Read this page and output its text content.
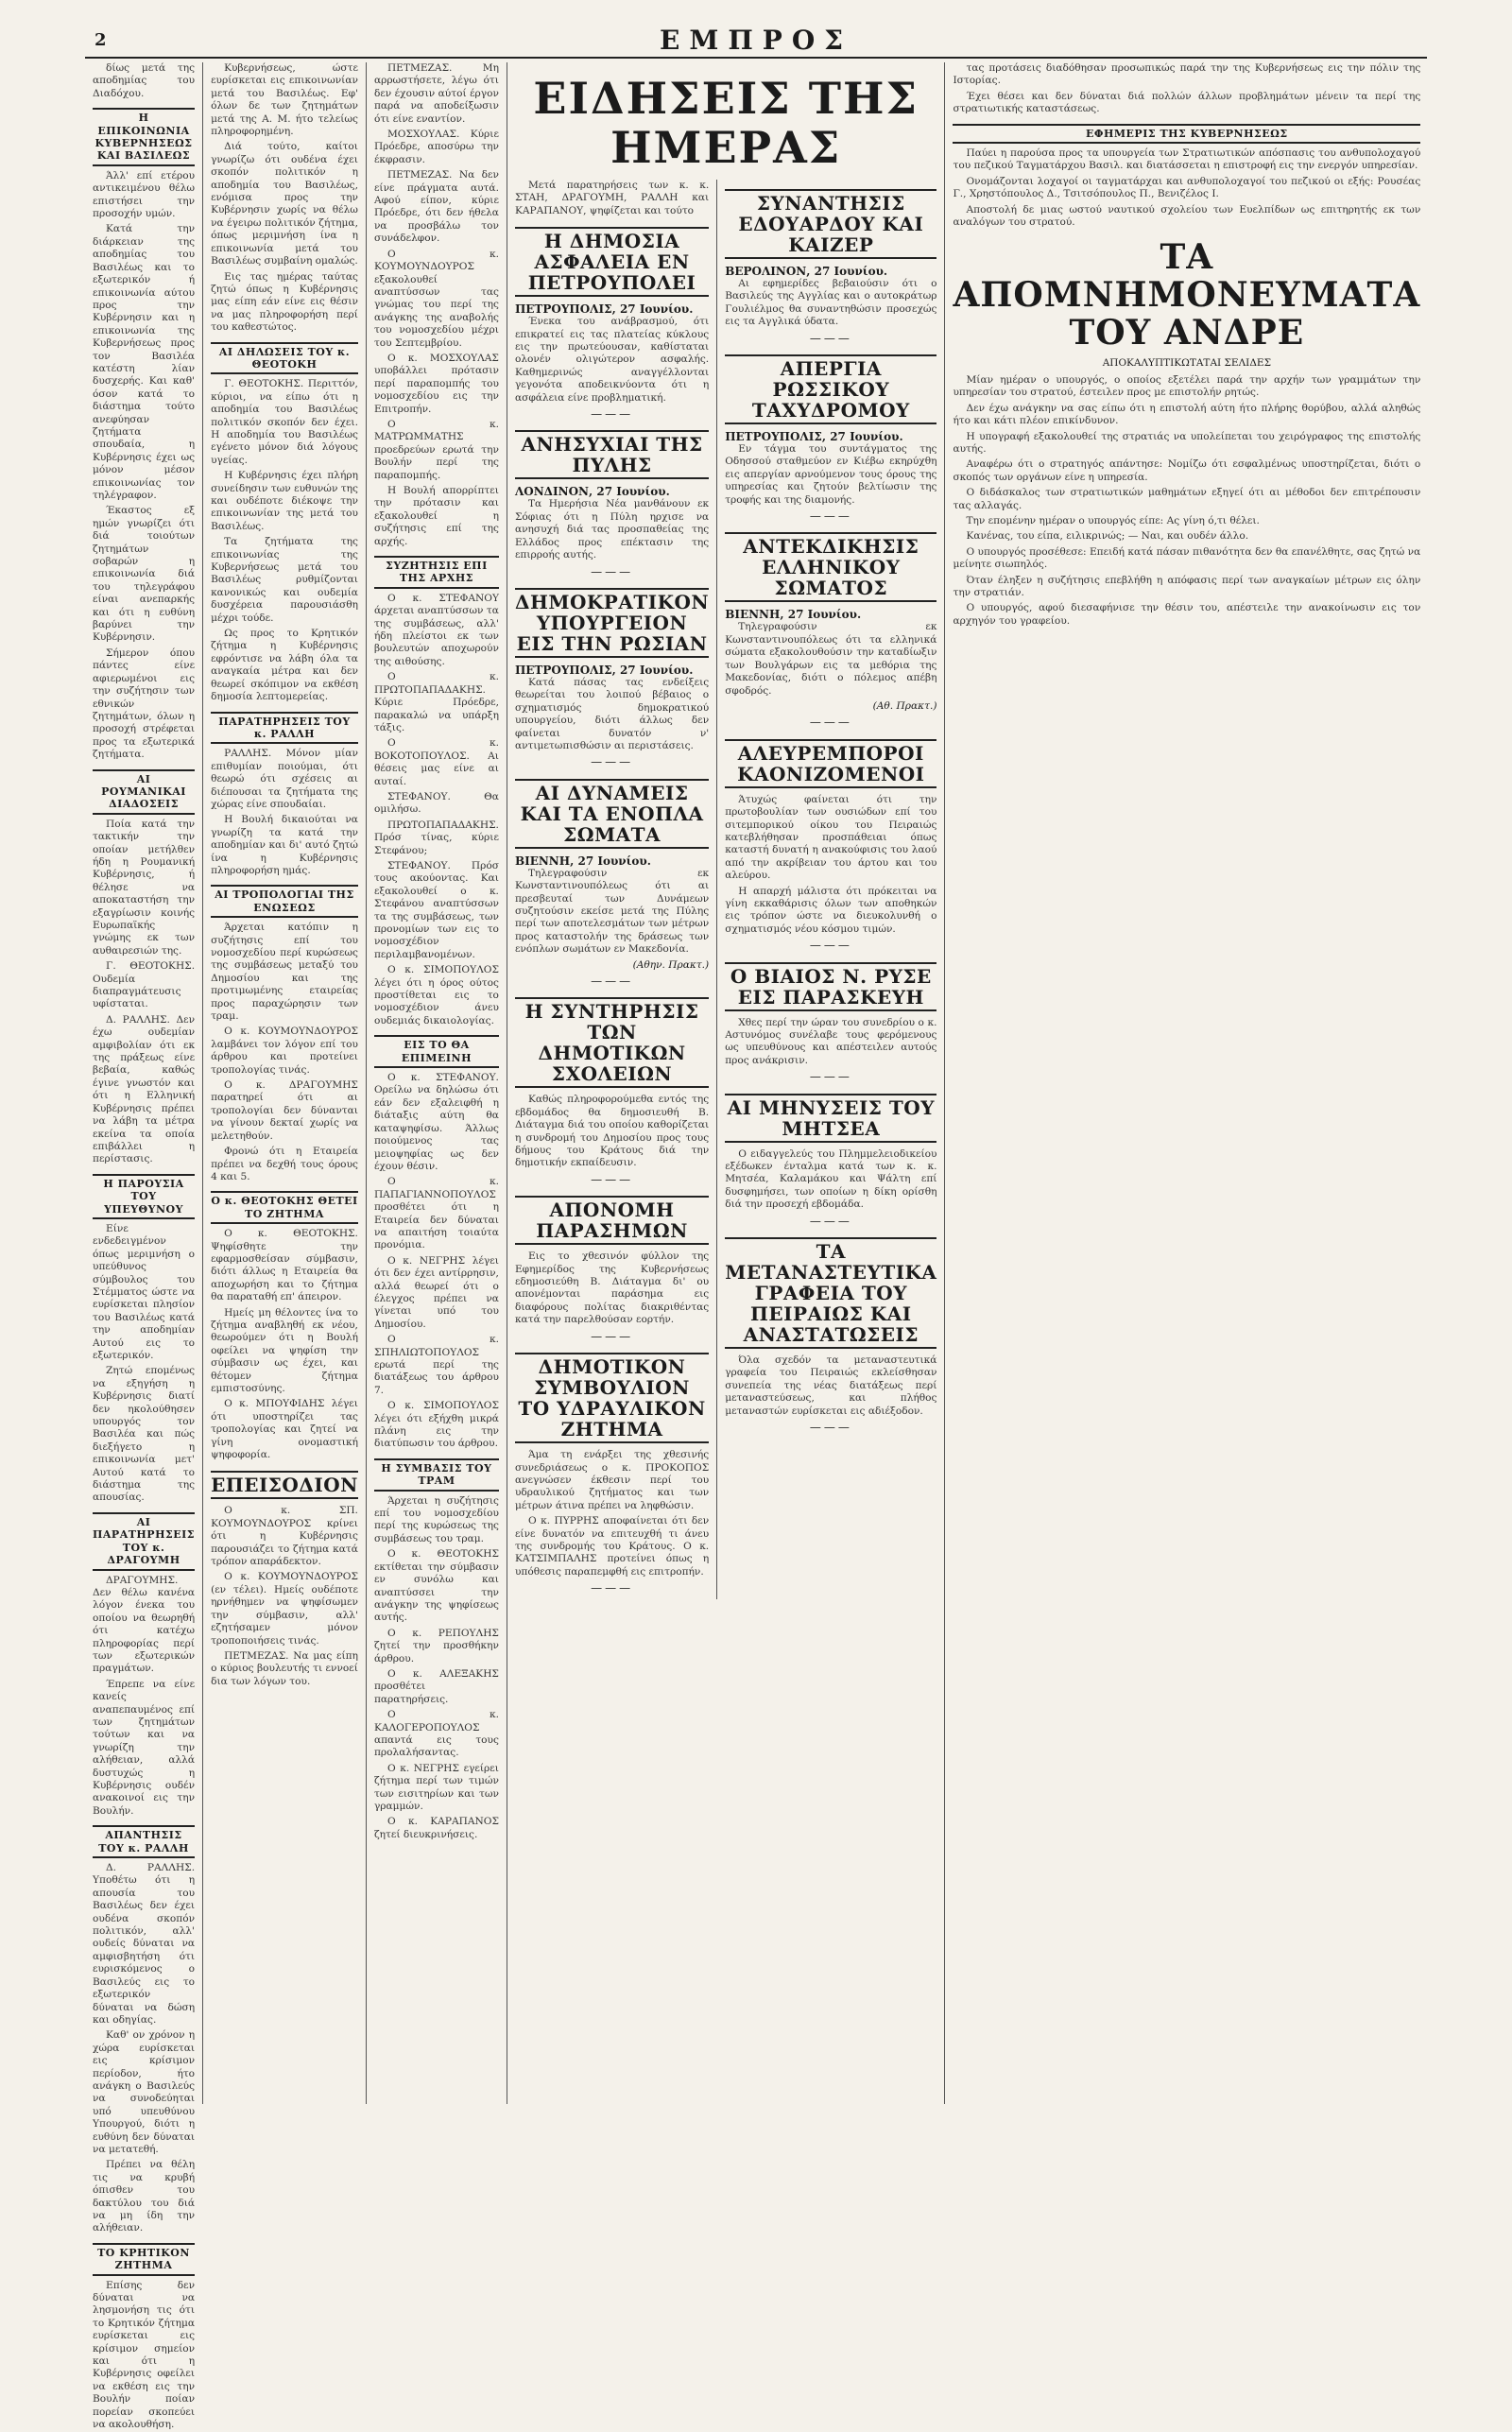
2	ΕΜΠΡΟΣ

δίως μετά της αποδημίας του Διαδόχου.

Η ΕΠΙΚΟΙΝΩΝΙΑ ΚΥΒΕΡΝΗΣΕΩΣ ΚΑΙ ΒΑΣΙΛΕΩΣ

Άλλ' επί ετέρου αντικειμένου θέλω επιστήσει την προσοχήν υμών.

Κατά την διάρκειαν της αποδημίας του Βασιλέως και το εξωτερικόν ή επικοινωνία αύτου προς την Κυβέρνησιν και η επικοινωνία της Κυβερνήσεως προς τον Βασιλέα κατέστη λίαν δυσχερής. Και καθ' όσον κατά το διάστημα τούτο ανεφύησαν ζητήματα σπουδαία, η Κυβέρνησις έχει ως μόνον μέσον επικοινωνίας τον τηλέγραφον.

Έκαστος εξ ημών γνωρίζει ότι διά τοιούτων ζητημάτων σοβαρών η επικοινωνία διά του τηλεγράφου είναι ανεπαρκής και ότι η ευθύνη βαρύνει την Κυβέρνησιν.

Σήμερον όπου πάντες είνε αφιερωμένοι εις την συζήτησιν των εθνικών ζητημάτων, όλων η προσοχή στρέφεται προς τα εξωτερικά ζητήματα.

ΑΙ ΡΟΥΜΑΝΙΚΑΙ ΔΙΑΔΟΣΕΙΣ

Ποία κατά την τακτικήν την οποίαν μετήλθεν ήδη η Ρουμανική Κυβέρνησις, ή θέλησε να αποκαταστήση την εξαγρίωσιν κοινής Ευρωπαϊκής γνώμης εκ των αυθαιρεσιών της.

Γ. ΘΕΟΤΟΚΗΣ. Ουδεμία διαπραγμάτευσις υφίσταται.

Δ. ΡΑΛΛΗΣ. Δεν έχω ουδεμίαν αμφιβολίαν ότι εκ της πράξεως είνε βεβαία, καθώς έγινε γνωστόν και ότι η Ελληνική Κυβέρνησις πρέπει να λάβη τα μέτρα εκείνα τα οποία επιβάλλει η περίστασις.

Η ΠΑΡΟΥΣΙΑ ΤΟΥ ΥΠΕΥΘΥΝΟΥ

Είνε ενδεδειγμένον όπως μεριμνήση ο υπεύθυνος σύμβουλος του Στέμματος ώστε να ευρίσκεται πλησίον του Βασιλέως κατά την αποδημίαν Αυτού εις το εξωτερικόν.

Ζητώ επομένως να εξηγήση η Κυβέρνησις διατί δεν ηκολούθησεν υπουργός τον Βασιλέα και πώς διεξήγετο η επικοινωνία μετ' Αυτού κατά το διάστημα της απουσίας.

ΑΙ ΠΑΡΑΤΗΡΗΣΕΙΣ ΤΟΥ κ. ΔΡΑΓΟΥΜΗ

ΔΡΑΓΟΥΜΗΣ. Δεν θέλω κανένα λόγον ένεκα του οποίου να θεωρηθή ότι κατέχω πληροφορίας περί των εξωτερικών πραγμάτων.

Έπρεπε να είνε κανείς αναπεπαυμένος επί των ζητημάτων τούτων και να γνωρίζη την αλήθειαν, αλλά δυστυχώς η Κυβέρνησις ουδέν ανακοινοί εις την Βουλήν.

ΑΠΑΝΤΗΣΙΣ ΤΟΥ κ. ΡΑΛΛΗ

Δ. ΡΑΛΛΗΣ. Υποθέτω ότι η απουσία του Βασιλέως δεν έχει ουδένα σκοπόν πολιτικόν, αλλ' ουδείς δύναται να αμφισβητήση ότι ευρισκόμενος ο Βασιλεύς εις το εξωτερικόν δύναται να δώση και οδηγίας.

Καθ' ον χρόνον η χώρα ευρίσκεται εις κρίσιμον περίοδον, ήτο ανάγκη ο Βασιλεύς να συνοδεύηται υπό υπευθύνου Υπουργού, διότι η ευθύνη δεν δύναται να μετατεθή.

Πρέπει να θέλη τις να κρυβή όπισθεν του δακτύλου του διά να μη ίδη την αλήθειαν.

ΤΟ ΚΡΗΤΙΚΟΝ ΖΗΤΗΜΑ

Επίσης δεν δύναται να λησμονήση τις ότι το Κρητικόν ζήτημα ευρίσκεται εις κρίσιμον σημείον και ότι η Κυβέρνησις οφείλει να εκθέση εις την Βουλήν ποίαν πορείαν σκοπεύει να ακολουθήση.

Κυβερνήσεως, ώστε ευρίσκεται εις επικοινωνίαν μετά του Βασιλέως. Εφ' όλων δε των ζητημάτων μετά της Α. Μ. ήτο τελείως πληροφορημένη.

Διά τούτο, καίτοι γνωρίζω ότι ουδένα έχει σκοπόν πολιτικόν η αποδημία του Βασιλέως, ενόμισα προς την Κυβέρνησιν χωρίς να θέλω να έγειρω πολιτικόν ζήτημα, όπως μεριμνήση ίνα η επικοινωνία μετά του Βασιλέως συμβαίνη ομαλώς.

Εις τας ημέρας ταύτας ζητώ όπως η Κυβέρνησις μας είπη εάν είνε εις θέσιν να μας πληροφορήση περί του καθεστώτος.

ΑΙ ΔΗΛΩΣΕΙΣ ΤΟΥ κ. ΘΕΟΤΟΚΗ

Γ. ΘΕΟΤΟΚΗΣ. Περιττόν, κύριοι, να είπω ότι η αποδημία του Βασιλέως πολιτικόν σκοπόν δεν έχει. Η αποδημία του Βασιλέως εγένετο μόνον διά λόγους υγείας.

Η Κυβέρνησις έχει πλήρη συνείδησιν των ευθυνών της και ουδέποτε διέκοψε την επικοινωνίαν της μετά του Βασιλέως.

Τα ζητήματα της επικοινωνίας της Κυβερνήσεως μετά του Βασιλέως ρυθμίζονται κανονικώς και ουδεμία δυσχέρεια παρουσιάσθη μέχρι τούδε.

Ως προς το Κρητικόν ζήτημα η Κυβέρνησις εφρόντισε να λάβη όλα τα αναγκαία μέτρα και δεν θεωρεί σκόπιμον να εκθέση δημοσία λεπτομερείας.

ΠΑΡΑΤΗΡΗΣΕΙΣ ΤΟΥ κ. ΡΑΛΛΗ

ΡΑΛΛΗΣ. Μόνον μίαν επιθυμίαν ποιούμαι, ότι θεωρώ ότι σχέσεις αι διέπουσαι τα ζητήματα της χώρας είνε σπουδαίαι.

Η Βουλή δικαιούται να γνωρίζη τα κατά την αποδημίαν και δι' αυτό ζητώ ίνα η Κυβέρνησις πληροφορήση ημάς.

ΑΙ ΤΡΟΠΟΛΟΓΙΑΙ ΤΗΣ ΕΝΩΣΕΩΣ

Άρχεται κατόπιν η συζήτησις επί του νομοσχεδίου περί κυρώσεως της συμβάσεως μεταξύ του Δημοσίου και της προτιμωμένης εταιρείας προς παραχώρησιν των τραμ.

Ο κ. ΚΟΥΜΟΥΝΔΟΥΡΟΣ λαμβάνει τον λόγον επί του άρθρου και προτείνει τροπολογίας τινάς.

Ο κ. ΔΡΑΓΟΥΜΗΣ παρατηρεί ότι αι τροπολογίαι δεν δύνανται να γίνουν δεκταί χωρίς να μελετηθούν.

Φρονώ ότι η Εταιρεία πρέπει να δεχθή τους όρους 4 και 5.

Ο κ. ΘΕΟΤΟΚΗΣ ΘΕΤΕΙ ΤΟ ΖΗΤΗΜΑ

Ο κ. ΘΕΟΤΟΚΗΣ. Ψηφίσθητε την εφαρμοσθείσαν σύμβασιν, διότι άλλως η Εταιρεία θα αποχωρήση και το ζήτημα θα παραταθή επ' άπειρον.

Ημείς μη θέλοντες ίνα το ζήτημα αναβληθή εκ νέου, θεωρούμεν ότι η Βουλή οφείλει να ψηφίση την σύμβασιν ως έχει, και θέτομεν ζήτημα εμπιστοσύνης.

Ο κ. ΜΠΟΥΦΙΔΗΣ λέγει ότι υποστηρίζει τας τροπολογίας και ζητεί να γίνη ονομαστική ψηφοφορία.

ΕΠΕΙΣΟΔΙΟΝ

Ο κ. ΣΠ. ΚΟΥΜΟΥΝΔΟΥΡΟΣ κρίνει ότι η Κυβέρνησις παρουσιάζει το ζήτημα κατά τρόπον απαράδεκτον.

Ο κ. ΚΟΥΜΟΥΝΔΟΥΡΟΣ (εν τέλει). Ημείς ουδέποτε ηρνήθημεν να ψηφίσωμεν την σύμβασιν, αλλ' εζητήσαμεν μόνον τροποποιήσεις τινάς.

ΠΕΤΜΕΖΑΣ. Να μας είπη ο κύριος βουλευτής τι εννοεί δια των λόγων του.

ΠΕΤΜΕΖΑΣ. Μη αρρωστήσετε, λέγω ότι δεν έχουσιν αύτοί έργον παρά να αποδείξωσιν ότι είνε εναντίον.

ΜΟΣΧΟΥΛΑΣ. Κύριε Πρόεδρε, αποσύρω την έκφρασιν.

ΠΕΤΜΕΖΑΣ. Να δεν είνε πράγματα αυτά. Αφού είπον, κύριε Πρόεδρε, ότι δεν ήθελα να προσβάλω τον συνάδελφον.

Ο κ. ΚΟΥΜΟΥΝΔΟΥΡΟΣ εξακολουθεί αναπτύσσων τας γνώμας του περί της ανάγκης της αναβολής του νομοσχεδίου μέχρι του Σεπτεμβρίου.

Ο κ. ΜΟΣΧΟΥΛΑΣ υποβάλλει πρότασιν περί παραπομπής του νομοσχεδίου εις την Επιτροπήν.

Ο κ. ΜΑΤΡΩΜΜΑΤΗΣ προεδρεύων ερωτά την Βουλήν περί της παραπομπής.

Η Βουλή απορρίπτει την πρότασιν και εξακολουθεί η συζήτησις επί της αρχής.

ΣΥΖΗΤΗΣΙΣ ΕΠΙ ΤΗΣ ΑΡΧΗΣ

Ο κ. ΣΤΕΦΑΝΟΥ άρχεται αναπτύσσων τα της συμβάσεως, αλλ' ήδη πλείστοι εκ των βουλευτών αποχωρούν της αιθούσης.

Ο κ. ΠΡΩΤΟΠΑΠΑΔΑΚΗΣ. Κύριε Πρόεδρε, παρακαλώ να υπάρξη τάξις.

Ο κ. ΒΟΚΟΤΟΠΟΥΛΟΣ. Αι θέσεις μας είνε αι αυταί.

ΣΤΕΦΑΝΟΥ. Θα ομιλήσω.

ΠΡΩΤΟΠΑΠΑΔΑΚΗΣ. Πρόσ τίνας, κύριε Στεφάνου;

ΣΤΕΦΑΝΟΥ. Πρόσ τους ακούοντας. Και εξακολουθεί ο κ. Στεφάνου αναπτύσσων τα της συμβάσεως, των προνομίων των εις το νομοσχέδιον περιλαμβανομένων.

Ο κ. ΣΙΜΟΠΟΥΛΟΣ λέγει ότι η όρος ούτος προστίθεται εις το νομοσχέδιον άνευ ουδεμιάς δικαιολογίας.

ΕΙΣ ΤΟ ΘΑ ΕΠΙΜΕΙΝΗ

Ο κ. ΣΤΕΦΑΝΟΥ. Ορείλω να δηλώσω ότι εάν δεν εξαλειφθή η διάταξις αύτη θα καταψηφίσω. Άλλως ποιούμενος τας μειοψηφίας ως δεν έχουν θέσιν.

Ο κ. ΠΑΠΑΓΙΑΝΝΟΠΟΥΛΟΣ προσθέτει ότι η Εταιρεία δεν δύναται να απαιτήση τοιαύτα προνόμια.

Ο κ. ΝΕΓΡΗΣ λέγει ότι δεν έχει αντίρρησιν, αλλά θεωρεί ότι ο έλεγχος πρέπει να γίνεται υπό του Δημοσίου.

Ο κ. ΣΠΗΛΙΩΤΟΠΟΥΛΟΣ ερωτά περί της διατάξεως του άρθρου 7.

Ο κ. ΣΙΜΟΠΟΥΛΟΣ λέγει ότι εξήχθη μικρά πλάνη εις την διατύπωσιν του άρθρου.

Η ΣΥΜΒΑΣΙΣ ΤΟΥ ΤΡΑΜ

Άρχεται η συζήτησις επί του νομοσχεδίου περί της κυρώσεως της συμβάσεως του τραμ.

Ο κ. ΘΕΟΤΟΚΗΣ εκτίθεται την σύμβασιν εν συνόλω και αναπτύσσει την ανάγκην της ψηφίσεως αυτής.

Ο κ. ΡΕΠΟΥΛΗΣ ζητεί την προσθήκην άρθρου.

Ο κ. ΑΛΕΞΑΚΗΣ προσθέτει παρατηρήσεις.

Ο κ. ΚΑΛΟΓΕΡΟΠΟΥΛΟΣ απαντά εις τους προλαλήσαντας.

Ο κ. ΝΕΓΡΗΣ εγείρει ζήτημα περί των τιμών των εισιτηρίων και των γραμμών.

Ο κ. ΚΑΡΑΠΑΝΟΣ ζητεί διευκρινήσεις.

ΕΙΔΗΣΕΙΣ ΤΗΣ ΗΜΕΡΑΣ

Μετά παρατηρήσεις των κ. κ. ΣΤΑΗ, ΔΡΑΓΟΥΜΗ, ΡΑΛΛΗ και ΚΑΡΑΠΑΝΟΥ, ψηφίζεται και τούτο

Η ΔΗΜΟΣΙΑ ΑΣΦΑΛΕΙΑ ΕΝ ΠΕΤΡΟΥΠΟΛΕΙ
ΠΕΤΡΟΥΠΟΛΙΣ, 27 Ιουνίου.

Ένεκα του ανάβρασμού, ότι επικρατεί εις τας πλατείας κύκλους εις την πρωτεύουσαν, καθίσταται ολονέν ολιγώτερον ασφαλής. Καθημερινώς αναγγέλλονται γεγονότα αποδεικνύοντα ότι η ασφάλεια είνε προβληματική.

———
ΑΝΗΣΥΧΙΑΙ ΤΗΣ ΠΥΛΗΣ
ΛΟΝΔΙΝΟΝ, 27 Ιουνίου.

Τα Ημερήσια Νέα μανθάνουν εκ Σόφιας ότι η Πύλη ηρχισε να ανησυχή διά τας προσπαθείας της Ελλάδος προς επέκτασιν της επιρροής αυτής.

———
ΔΗΜΟΚΡΑΤΙΚΟΝ ΥΠΟΥΡΓΕΙΟΝ ΕΙΣ ΤΗΝ ΡΩΣΙΑΝ
ΠΕΤΡΟΥΠΟΛΙΣ, 27 Ιουνίου.

Κατά πάσας τας ενδείξεις θεωρείται του λοιπού βέβαιος ο σχηματισμός δημοκρατικού υπουργείου, διότι άλλως δεν φαίνεται δυνατόν ν' αντιμετωπισθώσιν αι περιστάσεις.

———
ΑΙ ΔΥΝΑΜΕΙΣ ΚΑΙ ΤΑ ΕΝΟΠΛΑ ΣΩΜΑΤΑ
ΒΙΕΝΝΗ, 27 Ιουνίου.

Τηλεγραφούσιν εκ Κωνσταντινουπόλεως ότι αι πρεσβευταί των Δυνάμεων συζητούσιν εκείσε μετά της Πύλης περί των αποτελεσμάτων των μέτρων προς καταστολήν της δράσεως των ενόπλων σωμάτων εν Μακεδονία.

(Αθην. Πρακτ.)
———
Η ΣΥΝΤΗΡΗΣΙΣ ΤΩΝ ΔΗΜΟΤΙΚΩΝ ΣΧΟΛΕΙΩΝ

Καθώς πληροφορούμεθα εντός της εβδομάδος θα δημοσιευθή Β. Διάταγμα διά του οποίου καθορίζεται η συνδρομή του Δημοσίου προς τους δήμους του Κράτους διά την δημοτικήν εκπαίδευσιν.

———
ΑΠΟΝΟΜΗ ΠΑΡΑΣΗΜΩΝ

Εις το χθεσινόν φύλλον της Εφημερίδος της Κυβερνήσεως εδημοσιεύθη Β. Διάταγμα δι' ου απονέμονται παράσημα εις διαφόρους πολίτας διακριθέντας κατά την παρελθούσαν εορτήν.

———
ΔΗΜΟΤΙΚΟΝ ΣΥΜΒΟΥΛΙΟΝ ΤΟ ΥΔΡΑΥΛΙΚΟΝ ΖΗΤΗΜΑ

Άμα τη ενάρξει της χθεσινής συνεδριάσεως ο κ. ΠΡΟΚΟΠΟΣ ανεγνώσεν έκθεσιν περί του υδραυλικού ζητήματος και των μέτρων άτινα πρέπει να ληφθώσιν.

Ο κ. ΠΥΡΡΗΣ αποφαίνεται ότι δεν είνε δυνατόν να επιτευχθή τι άνευ της συνδρομής του Κράτους. Ο κ. ΚΑΤΣΙΜΠΑΛΗΣ προτείνει όπως η υπόθεσις παραπεμφθή εις επιτροπήν.

———
ΣΥΝΑΝΤΗΣΙΣ ΕΔΟΥΑΡΔΟΥ ΚΑΙ ΚΑΙΖΕΡ
ΒΕΡΟΛΙΝΟΝ, 27 Ιουνίου.

Αι εφημερίδες βεβαιούσιν ότι ο Βασιλεύς της Αγγλίας και ο αυτοκράτωρ Γουλιέλμος θα συναντηθώσιν προσεχώς εις τα Αγγλικά ύδατα.

———
ΑΠΕΡΓΙΑ ΡΩΣΣΙΚΟΥ ΤΑΧΥΔΡΟΜΟΥ
ΠΕΤΡΟΥΠΟΛΙΣ, 27 Ιουνίου.

Εν τάγμα του συντάγματος της Οδησσού σταθμεύον εν Κιέβω εκηρύχθη εις απεργίαν αρνούμενον τους όρους της υπηρεσίας και ζητούν βελτίωσιν της τροφής και της διαμονής.

———
ΑΝΤΕΚΔΙΚΗΣΙΣ ΕΛΛΗΝΙΚΟΥ ΣΩΜΑΤΟΣ
ΒΙΕΝΝΗ, 27 Ιουνίου.

Τηλεγραφούσιν εκ Κωνσταντινουπόλεως ότι τα ελληνικά σώματα εξακολουθούσιν την καταδίωξιν των Βουλγάρων εις τα μεθόρια της Μακεδονίας, διότι ο πόλεμος απέβη σφοδρός.

(Αθ. Πρακτ.)
———
ΑΛΕΥΡΕΜΠΟΡΟΙ ΚΑΟΝΙΖΟΜΕΝΟΙ

Άτυχώς φαίνεται ότι την πρωτοβουλίαν των ουσιώδων επί του σιτεμπορικού οίκου του Πειραιώς κατεβλήθησαν προσπάθειαι όπως καταστή δυνατή η ανακούφισις του λαού από την ακρίβειαν του άρτου και του αλεύρου.

Η απαρχή μάλιστα ότι πρόκειται να γίνη εκκαθάρισις όλων των αποθηκών εις τρόπον ώστε να διευκολυνθή ο σχηματισμός νέου κόσμου τιμών.

———
Ο ΒΙΑΙΟΣ Ν. ΡΥΣΕ ΕΙΣ ΠΑΡΑΣΚΕΥΗ

Χθες περί την ώραν του συνεδρίου ο κ. Αστυνόμος συνέλαβε τους φερόμενους ως υπευθύνους και απέστειλεν αυτούς προς ανάκρισιν.

———
ΑΙ ΜΗΝΥΣΕΙΣ ΤΟΥ ΜΗΤΣΕΑ

Ο ειδαγγελεύς του Πλημμελειοδικείου εξέδωκεν ένταλμα κατά των κ. κ. Μητσέα, Καλαμάκου και Ψάλτη επί δυσφημήσει, των οποίων η δίκη ορίσθη διά την προσεχή εβδομάδα.

———
ΤΑ ΜΕΤΑΝΑΣΤΕΥΤΙΚΑ ΓΡΑΦΕΙΑ ΤΟΥ ΠΕΙΡΑΙΩΣ ΚΑΙ ΑΝΑΣΤΑΤΩΣΕΙΣ

Όλα σχεδόν τα μεταναστευτικά γραφεία του Πειραιώς εκλείσθησαν συνεπεία της νέας διατάξεως περί μεταναστεύσεως, και πλήθος μεταναστών ευρίσκεται εις αδιέξοδον.

———

τας προτάσεις διαδόθησαν προσωπικώς παρά την της Κυβερνήσεως εις την πόλιν της Ιστορίας.

Έχει θέσει και δεν δύναται διά πολλών άλλων προβλημάτων μένειν τα περί της στρατιωτικής καταστάσεως.

ΕΦΗΜΕΡΙΣ ΤΗΣ ΚΥΒΕΡΝΗΣΕΩΣ

Παύει η παρούσα προς τα υπουργεία των Στρατιωτικών απόσπασις του ανθυπολοχαγού του πεζικού Ταγματάρχου Βασιλ. και διατάσσεται η επιστροφή εις την ενεργόν υπηρεσίαν.

Ονομάζονται λοχαγοί οι ταγματάρχαι και ανθυπολοχαγοί του πεζικού οι εξής: Ρουσέας Γ., Χρηστόπουλος Δ., Τσιτσόπουλος Π., Βενιζέλος Ι.

Αποστολή δε μιας ωστού ναυτικού σχολείου των Ευελπίδων ως επιτηρητής εκ των αναλόγων του στρατού.

ΤΑ ΑΠΟΜΝΗΜΟΝΕΥΜΑΤΑ ΤΟΥ ΑΝΔΡΕ
ΑΠΟΚΑΛΥΠΤΙΚΩΤΑΤΑΙ ΣΕΛΙΔΕΣ

Μίαν ημέραν ο υπουργός, ο οποίος εξετέλει παρά την αρχήν των γραμμάτων την υπηρεσίαν του στρατού, έστειλεν προς με επιστολήν ρητώς.

Δεν έχω ανάγκην να σας είπω ότι η επιστολή αύτη ήτο πλήρης θορύβου, αλλά αληθώς ήτο και κάτι πλέον επικίνδυνον.

Η υπογραφή εξακολουθεί της στρατιάς να υπολείπεται του χειρόγραφος της επιστολής αυτής.

Αναφέρω ότι ο στρατηγός απάντησε: Νομίζω ότι εσφαλμένως υποστηρίζεται, διότι ο σκοπός των οργάνων είνε η υπηρεσία.

Ο διδάσκαλος των στρατιωτικών μαθημάτων εξηγεί ότι αι μέθοδοι δεν επιτρέπουσιν τας αλλαγάς.

Την επομένην ημέραν ο υπουργός είπε: Ας γίνη ό,τι θέλει.

Κανένας, του είπα, ειλικρινώς; — Ναι, και ουδέν άλλο.

Ο υπουργός προσέθεσε: Επειδή κατά πάσαν πιθανότητα δεν θα επανέλθητε, σας ζητώ να μείνητε σιωπηλός.

Όταν έληξεν η συζήτησις επεβλήθη η απόφασις περί των αναγκαίων μέτρων εις όλην την στρατιάν.

Ο υπουργός, αφού διεσαφήνισε την θέσιν του, απέστειλε την ανακοίνωσιν εις τον αρχηγόν του γραφείου.
